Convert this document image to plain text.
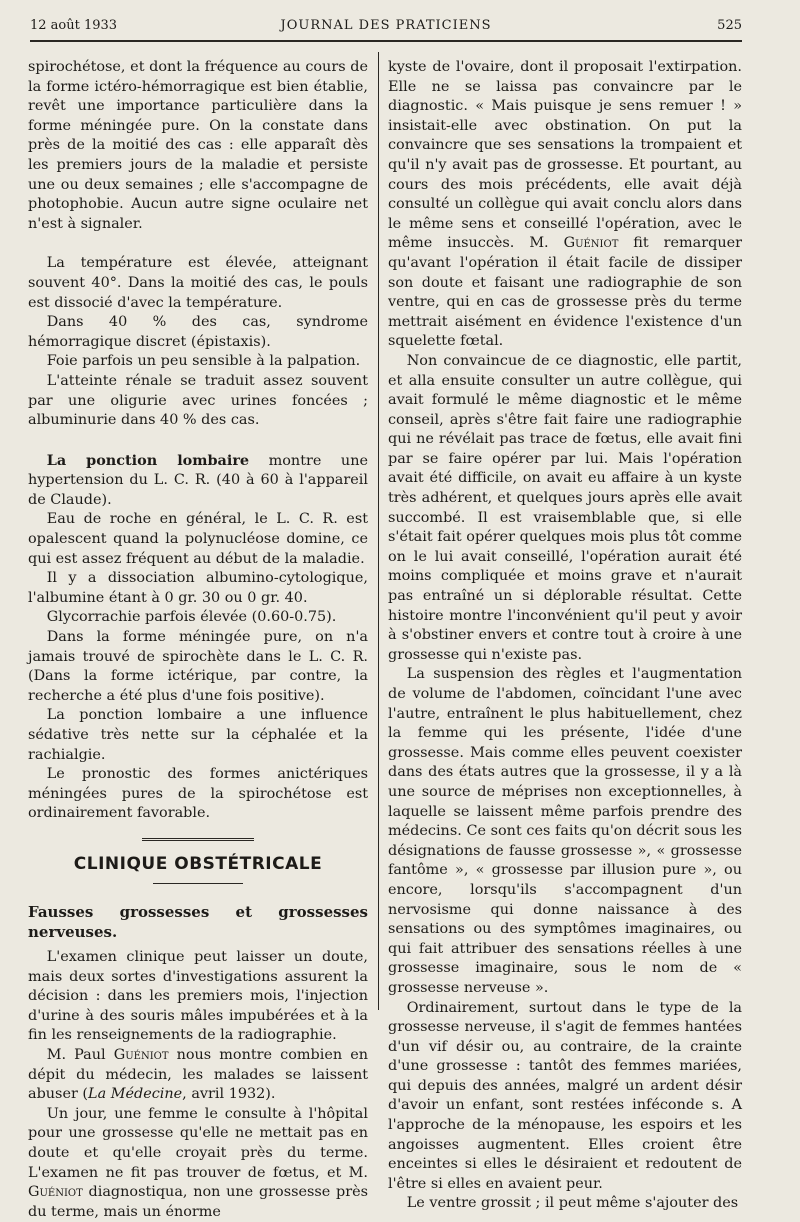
12 août 1933	JOURNAL DES PRATICIENS	525

spirochétose, et dont la fréquence au cours de la forme ictéro-hémorragique est bien établie, revêt une importance particulière dans la forme méningée pure. On la constate dans près de la moitié des cas : elle apparaît dès les premiers jours de la maladie et persiste une ou deux semaines ; elle s'accompagne de photophobie. Aucun autre signe oculaire net n'est à signaler.

La température est élevée, atteignant souvent 40°. Dans la moitié des cas, le pouls est dissocié d'avec la température.

Dans 40 % des cas, syndrome hémorragique discret (épistaxis).

Foie parfois un peu sensible à la palpation.

L'atteinte rénale se traduit assez souvent par une oligurie avec urines foncées ; albuminurie dans 40 % des cas.

La ponction lombaire montre une hypertension du L. C. R. (40 à 60 à l'appareil de Claude).

Eau de roche en général, le L. C. R. est opalescent quand la polynucléose domine, ce qui est assez fréquent au début de la maladie.

Il y a dissociation albumino-cytologique, l'albumine étant à 0 gr. 30 ou 0 gr. 40.

Glycorrachie parfois élevée (0.60-0.75).

Dans la forme méningée pure, on n'a jamais trouvé de spirochète dans le L. C. R. (Dans la forme ictérique, par contre, la recherche a été plus d'une fois positive).

La ponction lombaire a une influence sédative très nette sur la céphalée et la rachialgie.

Le pronostic des formes anictériques méningées pures de la spirochétose est ordinairement favorable.

CLINIQUE OBSTÉTRICALE
Fausses grossesses et grossesses nerveuses.

L'examen clinique peut laisser un doute, mais deux sortes d'investigations assurent la décision : dans les premiers mois, l'injection d'urine à des souris mâles impubérées et à la fin les renseignements de la radiographie.

M. Paul Guéniot nous montre combien en dépit du médecin, les malades se laissent abuser (La Médecine, avril 1932).

Un jour, une femme le consulte à l'hôpital pour une grossesse qu'elle ne mettait pas en doute et qu'elle croyait près du terme. L'examen ne fit pas trouver de fœtus, et M. Guéniot diagnostiqua, non une grossesse près du terme, mais un énorme

kyste de l'ovaire, dont il proposait l'extirpation. Elle ne se laissa pas convaincre par le diagnostic. « Mais puisque je sens remuer ! » insistait-elle avec obstination. On put la convaincre que ses sensations la trompaient et qu'il n'y avait pas de grossesse. Et pourtant, au cours des mois précédents, elle avait déjà consulté un collègue qui avait conclu alors dans le même sens et conseillé l'opération, avec le même insuccès. M. Guéniot fit remarquer qu'avant l'opération il était facile de dissiper son doute et faisant une radiographie de son ventre, qui en cas de grossesse près du terme mettrait aisément en évidence l'existence d'un squelette fœtal.

Non convaincue de ce diagnostic, elle partit, et alla ensuite consulter un autre collègue, qui avait formulé le même diagnostic et le même conseil, après s'être fait faire une radiographie qui ne révélait pas trace de fœtus, elle avait fini par se faire opérer par lui. Mais l'opération avait été difficile, on avait eu affaire à un kyste très adhérent, et quelques jours après elle avait succombé. Il est vraisemblable que, si elle s'était fait opérer quelques mois plus tôt comme on le lui avait conseillé, l'opération aurait été moins compliquée et moins grave et n'aurait pas entraîné un si déplorable résultat. Cette histoire montre l'inconvénient qu'il peut y avoir à s'obstiner envers et contre tout à croire à une grossesse qui n'existe pas.

La suspension des règles et l'augmentation de volume de l'abdomen, coïncidant l'une avec l'autre, entraînent le plus habituellement, chez la femme qui les présente, l'idée d'une grossesse. Mais comme elles peuvent coexister dans des états autres que la grossesse, il y a là une source de méprises non exceptionnelles, à laquelle se laissent même parfois prendre des médecins. Ce sont ces faits qu'on décrit sous les désignations de fausse grossesse », « grossesse fantôme », « grossesse par illusion pure », ou encore, lorsqu'ils s'accompagnent d'un nervosisme qui donne naissance à des sensations ou des symptômes imaginaires, ou qui fait attribuer des sensations réelles à une grossesse imaginaire, sous le nom de « grossesse nerveuse ».

Ordinairement, surtout dans le type de la grossesse nerveuse, il s'agit de femmes hantées d'un vif désir ou, au contraire, de la crainte d'une grossesse : tantôt des femmes mariées, qui depuis des années, malgré un ardent désir d'avoir un enfant, sont restées inféconde s. A l'approche de la ménopause, les espoirs et les angoisses augmentent. Elles croient être enceintes si elles le désiraient et redoutent de l'être si elles en avaient peur.

Le ventre grossit ; il peut même s'ajouter des
